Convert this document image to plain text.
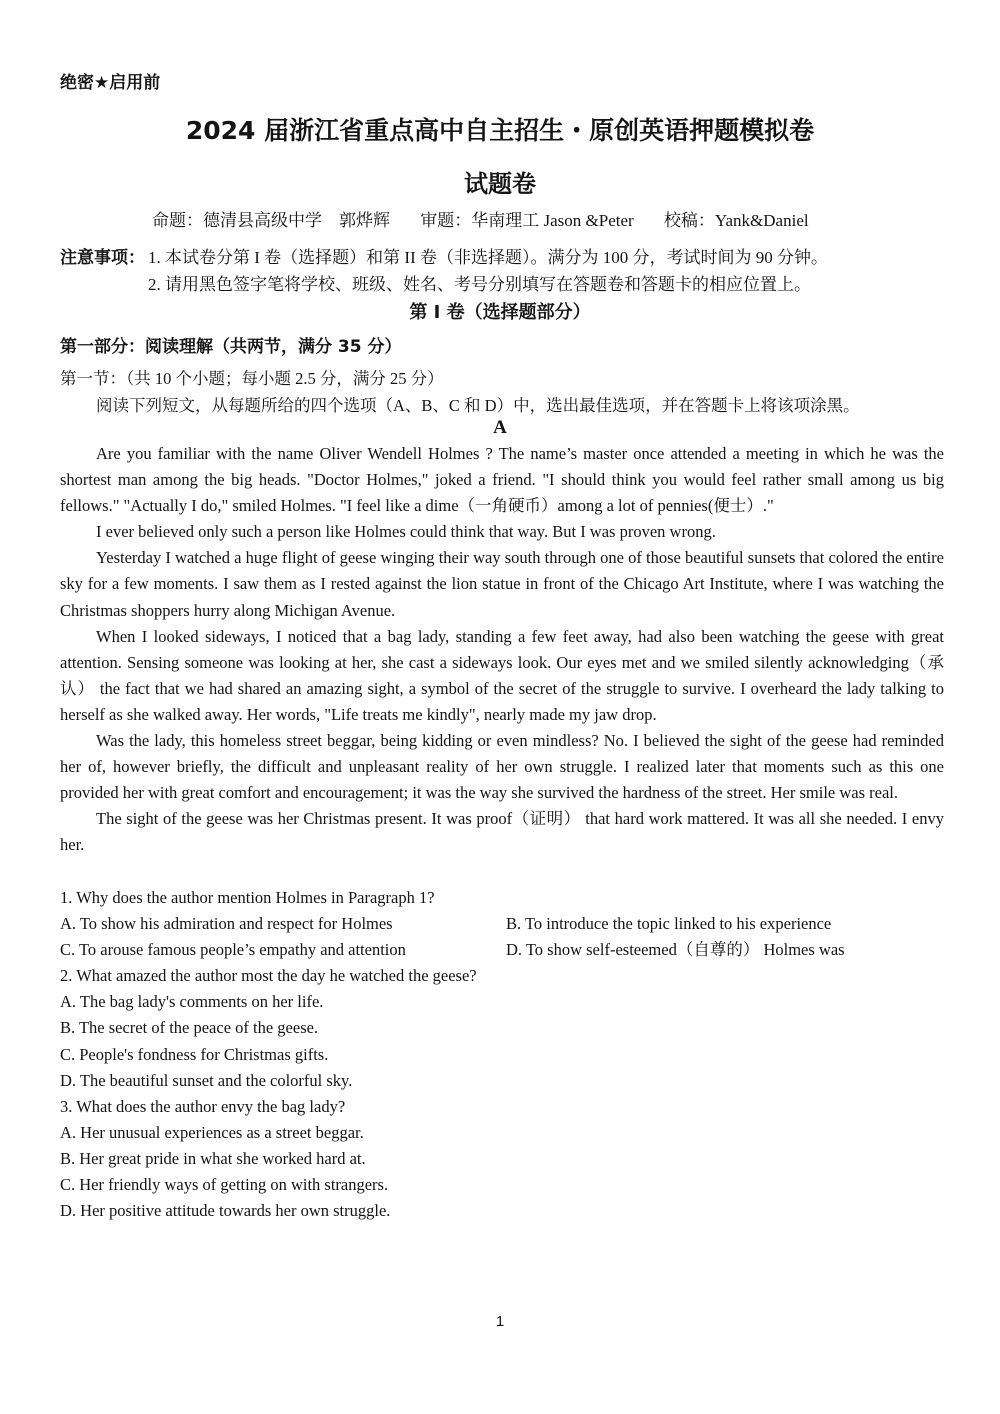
绝密★启用前
2024 届浙江省重点高中自主招生・原创英语押题模拟卷
试题卷
命题：德清县高级中学　郭烨辉 审题：华南理工 Jason &Peter 校稿：Yank&Daniel
注意事项： 1. 本试卷分第 I 卷（选择题）和第 II 卷（非选择题）。满分为 100 分，考试时间为 90 分钟。
2. 请用黑色签字笔将学校、班级、姓名、考号分别填写在答题卷和答题卡的相应位置上。
第 I 卷（选择题部分）
第一部分：阅读理解（共两节，满分 35 分）
第一节：（共 10 个小题；每小题 2.5 分，满分 25 分）
阅读下列短文，从每题所给的四个选项（A、B、C 和 D）中，选出最佳选项，并在答题卡上将该项涂黑。
A

Are you familiar with the name Oliver Wendell Holmes ? The name’s master once attended a meeting in which he was the shortest man among the big heads. "Doctor Holmes," joked a friend. "I should think you would feel rather small among us big fellows." "Actually I do," smiled Holmes. "I feel like a dime（一角硬币）among a lot of pennies(便士）."

I ever believed only such a person like Holmes could think that way. But I was proven wrong.

Yesterday I watched a huge flight of geese winging their way south through one of those beautiful sunsets that colored the entire sky for a few moments. I saw them as I rested against the lion statue in front of the Chicago Art Institute, where I was watching the Christmas shoppers hurry along Michigan Avenue.

When I looked sideways, I noticed that a bag lady, standing a few feet away, had also been watching the geese with great attention. Sensing someone was looking at her, she cast a sideways look. Our eyes met and we smiled silently acknowledging（承认） the fact that we had shared an amazing sight, a symbol of the secret of the struggle to survive. I overheard the lady talking to herself as she walked away. Her words, "Life treats me kindly", nearly made my jaw drop.

Was the lady, this homeless street beggar, being kidding or even mindless? No. I believed the sight of the geese had reminded her of, however briefly, the difficult and unpleasant reality of her own struggle. I realized later that moments such as this one provided her with great comfort and encouragement; it was the way she survived the hardness of the street. Her smile was real.

The sight of the geese was her Christmas present. It was proof（证明） that hard work mattered. It was all she needed. I envy her.

1. Why does the author mention Holmes in Paragraph 1?

A. To show his admiration and respect for Holmes	B. To introduce the topic linked to his experience

C. To arouse famous people’s empathy and attention	D. To show self-esteemed（自尊的） Holmes was

2. What amazed the author most the day he watched the geese?

A. The bag lady's comments on her life.

B. The secret of the peace of the geese.

C. People's fondness for Christmas gifts.

D. The beautiful sunset and the colorful sky.

3. What does the author envy the bag lady?

A. Her unusual experiences as a street beggar.

B. Her great pride in what she worked hard at.

C. Her friendly ways of getting on with strangers.

D. Her positive attitude towards her own struggle.

1
